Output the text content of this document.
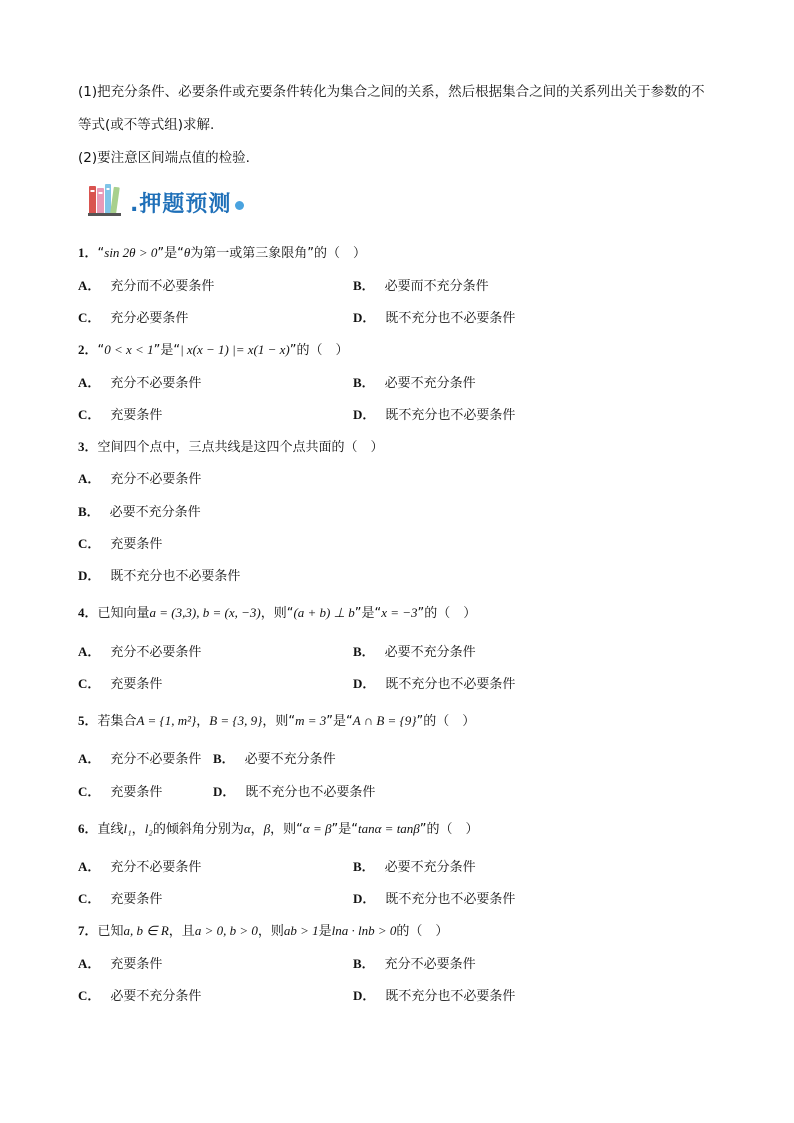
(1)把充分条件、必要条件或充要条件转化为集合之间的关系，然后根据集合之间的关系列出关于参数的不
等式(或不等式组)求解.
(2)要注意区间端点值的检验.
.押题预测
1．“sin 2θ > 0”是“θ为第一或第三象限角”的（　）
A． 充分而不必要条件	B． 必要而不充分条件
C． 充分必要条件	D． 既不充分也不必要条件
2．“0 < x < 1”是“| x(x − 1) |= x(1 − x)”的（　）
A． 充分不必要条件	B． 必要不充分条件
C． 充要条件	D． 既不充分也不必要条件
3．空间四个点中，三点共线是这四个点共面的（　）
A． 充分不必要条件
B． 必要不充分条件
C． 充要条件
D． 既不充分也不必要条件
4．已知向量a = (3,3), b = (x, −3)，则“(a + b) ⊥ b”是“x = −3”的（　）
A． 充分不必要条件	B． 必要不充分条件
C． 充要条件	D． 既不充分也不必要条件
5．若集合A = {1, m²}，B = {3, 9}，则“m = 3”是“A ∩ B = {9}”的（　）
A． 充分不必要条件 B． 必要不充分条件
C． 充要条件	D． 既不充分也不必要条件
6．直线l₁，l₂的倾斜角分别为α，β，则“α = β”是“tanα = tanβ”的（　）
A． 充分不必要条件	B． 必要不充分条件
C． 充要条件	D． 既不充分也不必要条件
7．已知a, b ∈ R，且a > 0, b > 0，则ab > 1是lna · lnb > 0的（　）
A． 充要条件	B． 充分不必要条件
C． 必要不充分条件	D． 既不充分也不必要条件
